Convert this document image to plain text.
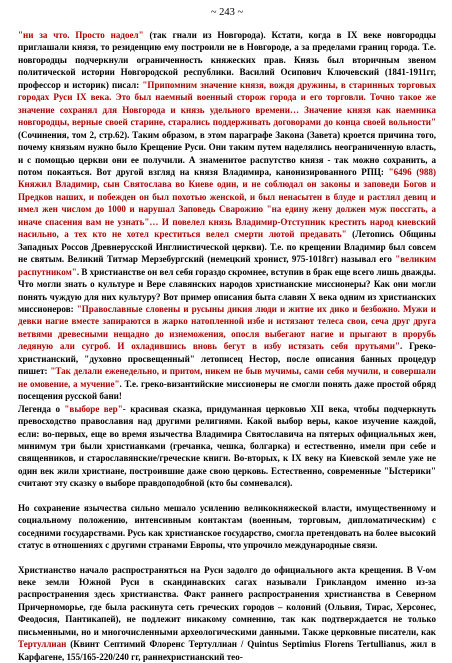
~ 243 ~

"ни за что. Просто надоел" (так гнали из Новгорода). Кстати, когда в IX веке новгородцы приглашали князя, то резиденцию ему построили не в Новгороде, а за пределами границ города. Т.е. новгородцы подчеркнули ограниченность княжеских прав. Князь был вторичным звеном политической истории Новгородской республики. Василий Осипович Ключевский (1841-1911гг, профессор и историк) писал: "Припомним значение князя, вождя дружины, в старинных торговых городах Руси IX века. Это был наемный военный сторож города и его торговли. Точно такое же значение сохранял для Новгорода и князь удельного времени… Значение князя как наемника новгородцы, верные своей старине, старались поддерживать договорами до конца своей вольности" (Сочинения, том 2, стр.62). Таким образом, в этом параграфе Закона (Завета) кроется причина того, почему князьям нужно было Крещение Руси. Они таким путем наделялись неограниченную власть, и с помощью церкви они ее получили. А знаменитое распутство князя - так можно сохранить, а потом покаяться. Вот другой взгляд на князя Владимира, канонизированного РПЦ: "6496 (988) Княжил Владимир, сын Святослава во Киеве один, и не соблюдал он законы и заповеди Богов и Предков наших, и побежден он был похотью женской, и был ненасытен в блуде и растлял девиц и имел жен числом до 1000 и нарушал Заповедь Сварожию "на едину жену должен муж поссгать, а иначе спасения вам не узнать"… И повелел князь Владимир-Отступник крестить народ киевский насильно, а тех кто не хотел креститься велел смерти лютой предавать" (Летопись Общины Западных Россов Древнерусской Инглиистической церкви). Т.е. по крещении Владимир был совсем не святым. Великий Титмар Мерзебургский (немецкий хронист, 975-1018гг) называл его "великим распутником". В христианстве он вел себя гораздо скромнее, вступив в брак еще всего лишь дважды.

Что могли знать о культуре и Вере славянских народов христианские миссионеры? Как они могли понять чуждую для них культуру? Вот пример описания бытa славян Х века одним из христианских миссионеров: "Православные словены и русыны дикия люди и житие их дико и безбожно. Мужи и девки нагие вместе запираются в жарко натопленной избе и истязают телеса свои, сечa друг друга ветвями древесными нещадно до изнеможения, опосля выбегают нагие и прыгают в прорубь ледяную али сугроб. И охладившись вновь бегут в избу истязать себя прутьями". Греко-христианский, "духовно просвещенный" летописец Нестор, после описания банных процедур пишет: "Так делали еженедельно, и притом, никем не быв мучимы, сами себя мучили, и совершали не омовение, а мучение". Т.е. греко-византийские миссионеры не смогли понять даже простой обряд посещения русской бани!

Легенда о "выборе вер"- красивая сказка, придуманная церковью XII века, чтобы подчеркнуть превосходство православия над другими религиями. Какой выбор веры, какое изучение каждой, если: во-первых, еще во время язычества Владимира Святославича на пятерых официальных жен, минимум три были христианками (гречанка, чешка, болгарка) и естественно, имели при себе и священников, и старославянские/греческие книги. Во-вторых, к IX веку на Киевской земле уже не один век жили христиане, построившие даже свою церковь. Естественно, современные "Ыстерики" считают эту сказку о выборе правдоподобной (кто бы сомневался).

Но сохранение язычества сильно мешало усилению великокняжеской власти, имущественному и социальному положению, интенсивным контактам (военным, торговым, дипломатическим) с соседними государствами. Русь как христианское государство, смогла претендовать на более высокий статус в отношениях с другими странами Европы, что упрочило международные связи.

Христианство начало распространяться на Руси задолго до официального акта крещения. В V-ом веке земли Южной Руси в скандинавских сагах называли Грикландом именно из-за распространения здесь христианства. Факт раннего распространения христианства в Северном Причерноморье, где была раскинута сеть греческих городов – колоний (Ольвия, Тирас, Херсонес, Феодосия, Пантикапей), не подлежит никакому сомнению, так как подтверждается не только письменными, но и многочисленными археологическими данными. Также церковные писатели, как Тертуллиан (Квинт Септимий Флоренс Тертуллиан / Quintus Septimius Florens Tertullianus, жил в Карфагене, 155/165-220/240 гг, раннехристианский тео-
